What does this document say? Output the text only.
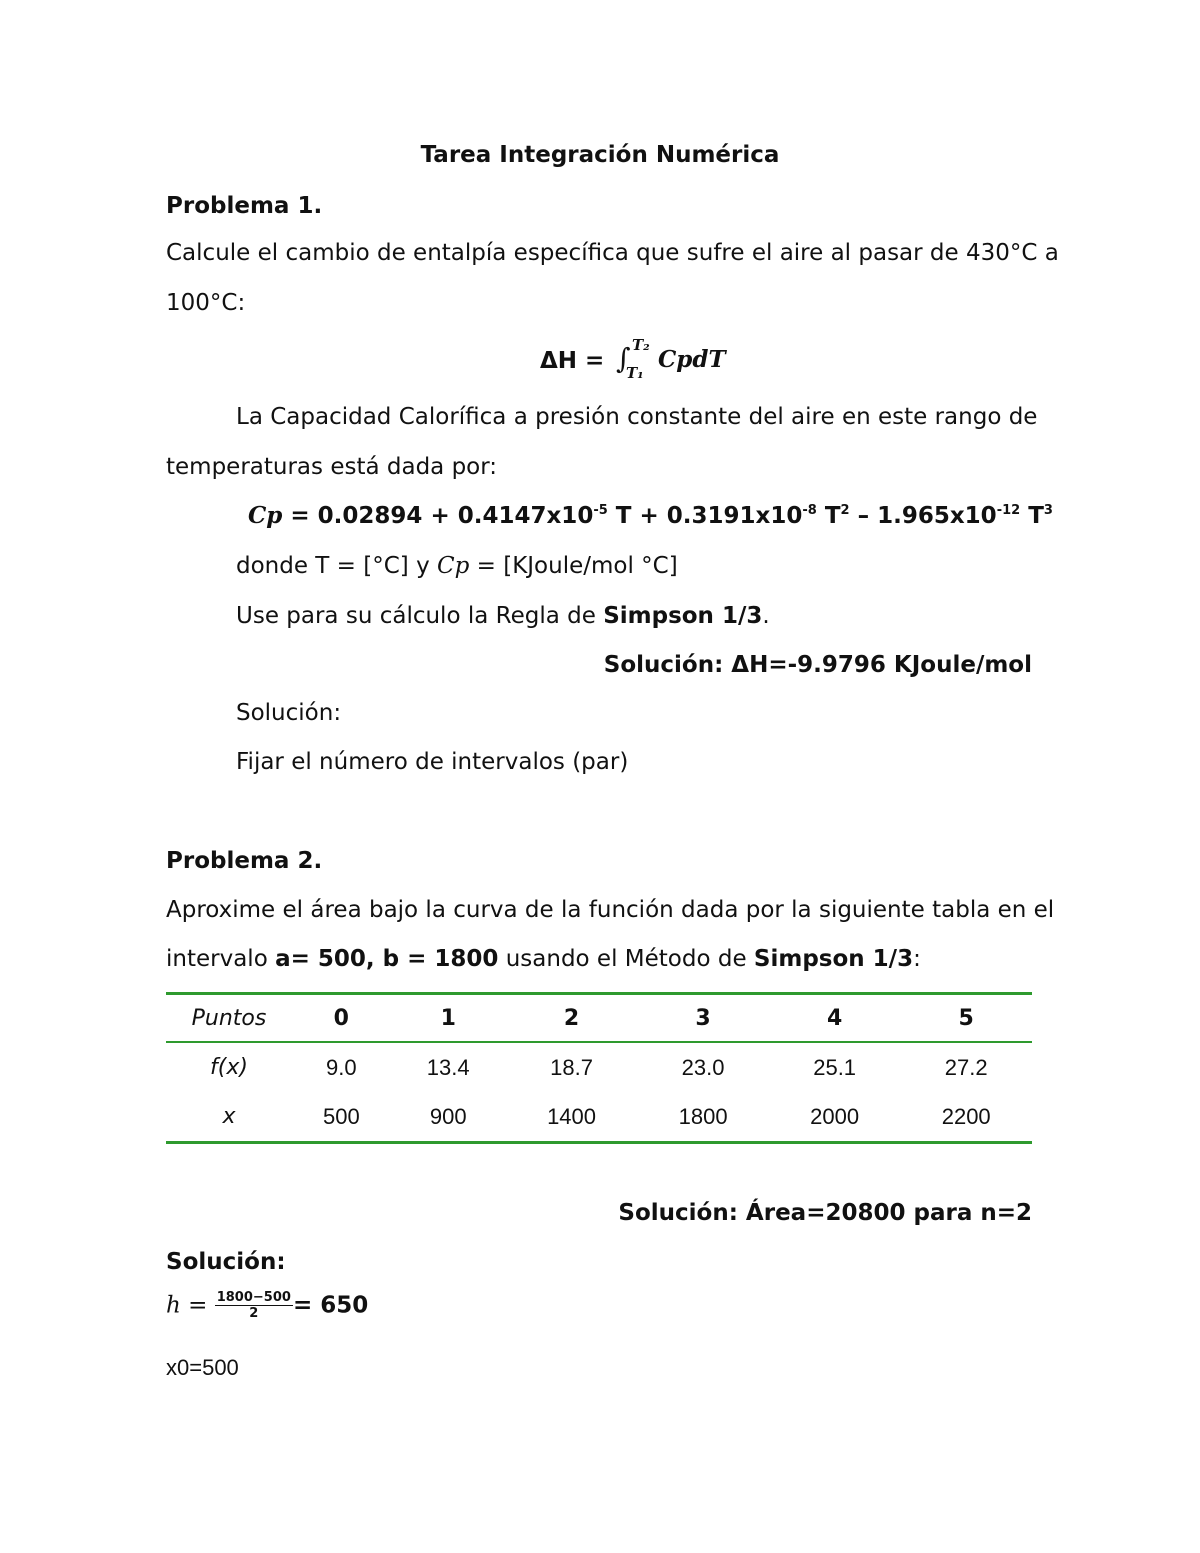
Tarea Integración Numérica
Problema 1.
Calcule el cambio de entalpía específica que sufre el aire al pasar de 430°C a
100°C:
ΔH = ∫ T₂
T₁ CpdT
La Capacidad Calorífica a presión constante del aire en este rango de
temperaturas está dada por:
$Cp = 0.02894 + 0.4147x10^{-5}$ $T + 0.3191x10^{-8}$ $T^2 - 1.965x10^{-12}$ $T^3$
donde T = [°C] y Cp = [KJoule/mol °C]
Use para su cálculo la Regla de Simpson 1/3.
Solución: ΔH=-9.9796 KJoule/mol
Solución:
Fijar el número de intervalos (par)
Problema 2.
Aproxime el área bajo la curva de la función dada por la siguiente tabla en el
intervalo a= 500, b = 1800 usando el Método de Simpson 1/3:
Puntos	0	1	2	3	4	5
f(x)	9.0	13.4	18.7	23.0	25.1	27.2
x	500	900	1400	1800	2000	2200
Solución: Área=20800 para n=2
Solución:
$h = \frac{1800-500}{2} = 650$
x0=500
